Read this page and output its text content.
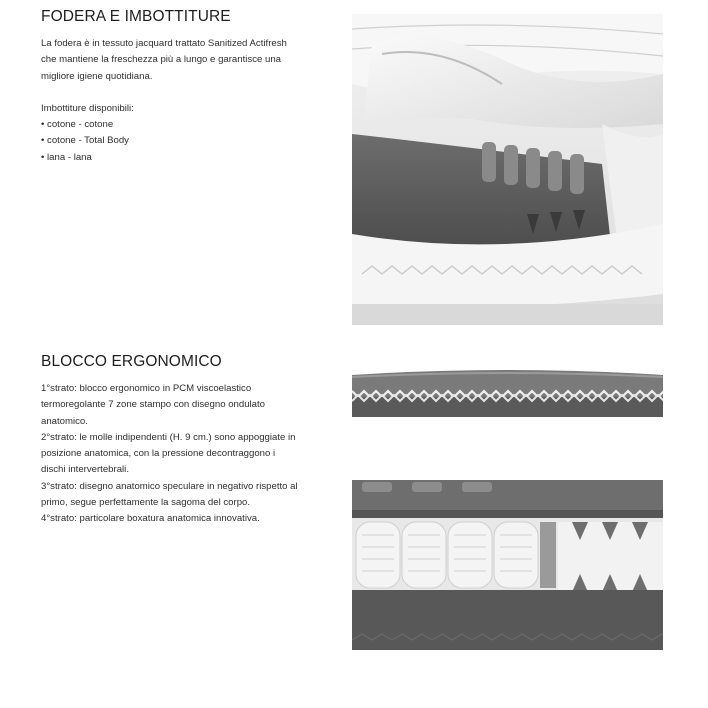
FODERA E IMBOTTITURE
La fodera è in tessuto jacquard trattato Sanitized Actifresh
che mantiene la freschezza più a lungo e garantisce una
migliore igiene quotidiana.
Imbottiture disponibili:
• cotone - cotone
• cotone - Total Body
• lana - lana
BLOCCO ERGONOMICO
1°strato: blocco ergonomico in PCM viscoelastico
termoregolante 7 zone stampo con disegno ondulato
anatomico.
2°strato: le molle indipendenti (H. 9 cm.) sono appoggiate in
posizione anatomica, con la pressione decontraggono i
dischi intervertebrali.
3°strato: disegno anatomico speculare in negativo rispetto al
primo, segue perfettamente la sagoma del corpo.
4°strato: particolare boxatura anatomica innovativa.
